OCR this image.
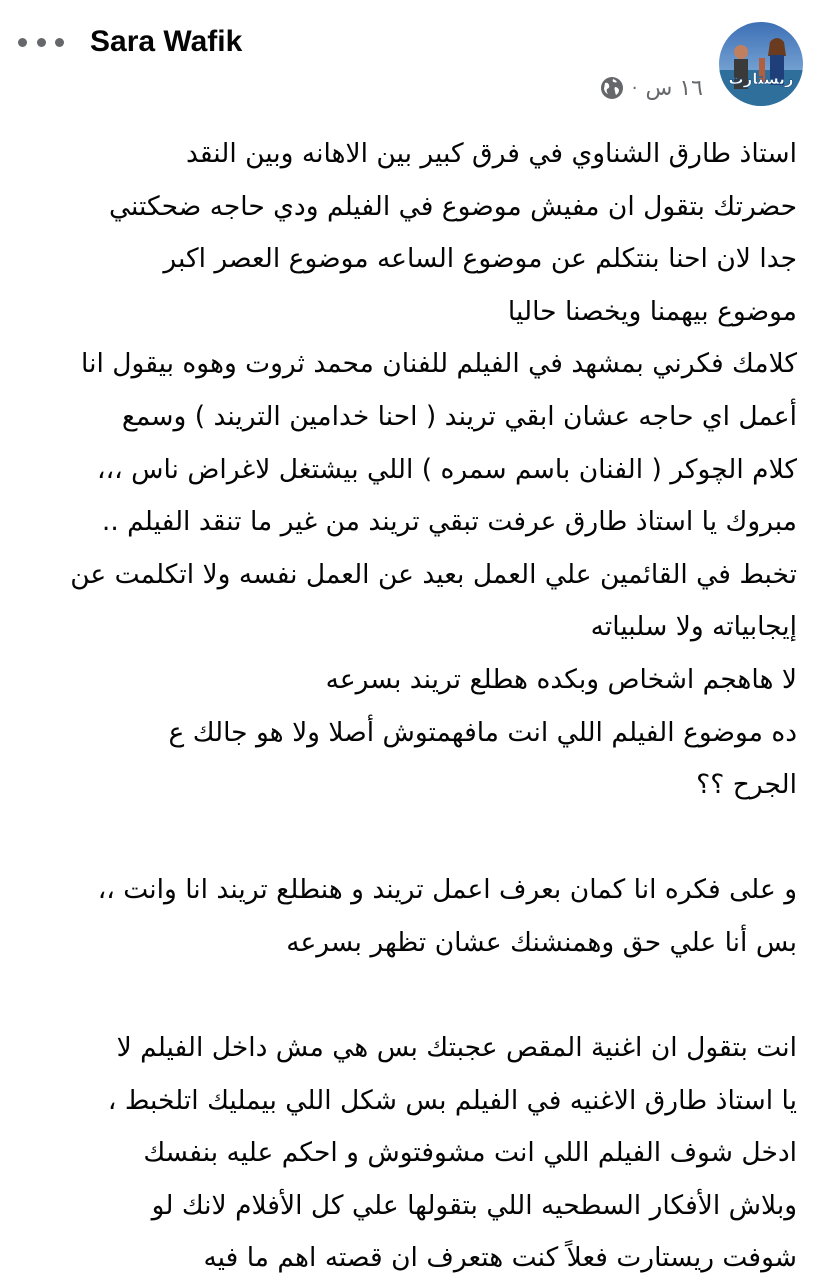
Sara Wafik
· ١٦ س ريستارت
استاذ طارق الشناوي في فرق كبير بين الاهانه وبين النقد
حضرتك بتقول ان مفيش موضوع في الفيلم ودي حاجه ضحكتني
جدا لان احنا بنتكلم عن موضوع الساعه موضوع العصر اكبر
موضوع بيهمنا ويخصنا حاليا
كلامك فكرني بمشهد في الفيلم للفنان محمد ثروت وهوه بيقول انا
أعمل اي حاجه عشان ابقي تريند ( احنا خدامين التريند ) وسمع
كلام الچوكر ( الفنان باسم سمره ) اللي بيشتغل لاغراض ناس ،،،
مبروك يا استاذ طارق عرفت تبقي تريند من غير ما تنقد الفيلم ..
تخبط في القائمين علي العمل بعيد عن العمل نفسه ولا اتكلمت عن
إيجابياته ولا سلبياته
لا هاهجم اشخاص وبكده هطلع تريند بسرعه
ده موضوع الفيلم اللي انت مافهمتوش أصلا ولا هو جالك ع
الجرح ؟؟
و على فكره انا كمان بعرف اعمل تريند و هنطلع تريند انا وانت ،،
بس أنا علي حق وهمنشنك عشان تظهر بسرعه
انت بتقول ان اغنية المقص عجبتك بس هي مش داخل الفيلم لا
يا استاذ طارق الاغنيه في الفيلم بس شكل اللي بيمليك اتلخبط ،
ادخل شوف الفيلم اللي انت مشوفتوش و احكم عليه بنفسك
وبلاش الأفكار السطحيه اللي بتقولها علي كل الأفلام لانك لو
شوفت ريستارت فعلاً كنت هتعرف ان قصته اهم ما فيه
